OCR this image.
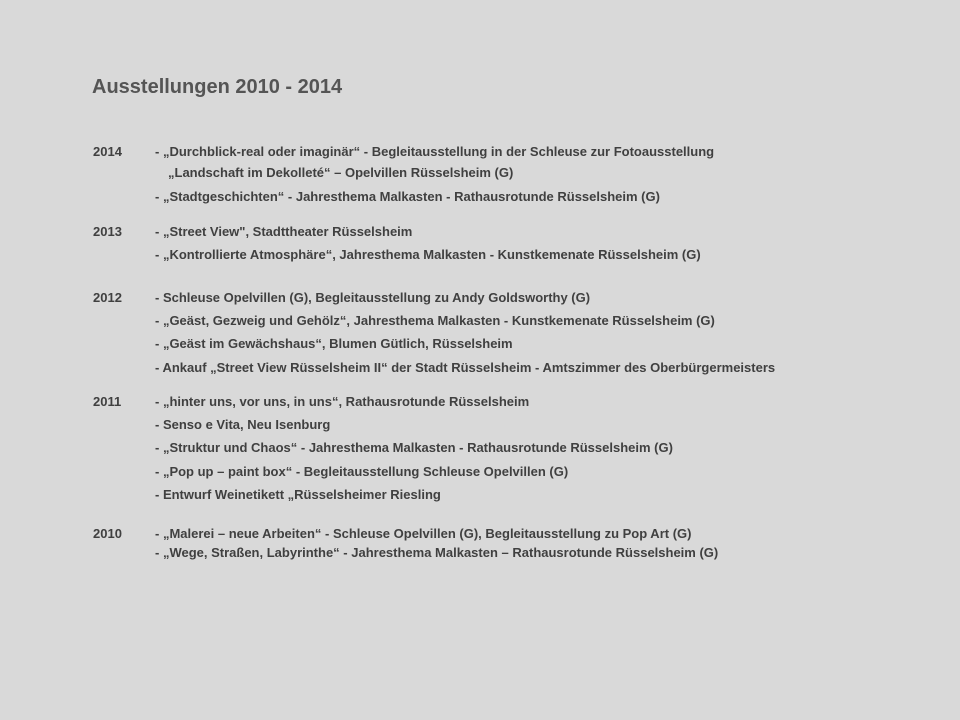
Ausstellungen 2010 - 2014
2014	- „Durchblick-real oder imaginär“ - Begleitausstellung in der Schleuse zur Fotoausstellung
„Landschaft im Dekolleté“ – Opelvillen Rüsselsheim (G)
- „Stadtgeschichten“ - Jahresthema Malkasten - Rathausrotunde Rüsselsheim (G)
2013	- „Street View", Stadttheater Rüsselsheim
- „Kontrollierte Atmosphäre“, Jahresthema Malkasten - Kunstkemenate Rüsselsheim (G)
2012	- Schleuse Opelvillen (G), Begleitausstellung zu Andy Goldsworthy (G)
- „Geäst, Gezweig und Gehölz“, Jahresthema Malkasten - Kunstkemenate Rüsselsheim (G)
- „Geäst im Gewächshaus“, Blumen Gütlich, Rüsselsheim
- Ankauf „Street View Rüsselsheim II“ der Stadt Rüsselsheim - Amtszimmer des Oberbürgermeisters
2011	- „hinter uns, vor uns, in uns“, Rathausrotunde Rüsselsheim
- Senso e Vita, Neu Isenburg
- „Struktur und Chaos“ - Jahresthema Malkasten - Rathausrotunde Rüsselsheim (G)
- „Pop up – paint box“ - Begleitausstellung Schleuse Opelvillen (G)
- Entwurf Weinetikett „Rüsselsheimer Riesling
2010	- „Malerei – neue Arbeiten“ - Schleuse Opelvillen (G), Begleitausstellung zu Pop Art (G)
- „Wege, Straßen, Labyrinthe“ - Jahresthema Malkasten – Rathausrotunde Rüsselsheim (G)
